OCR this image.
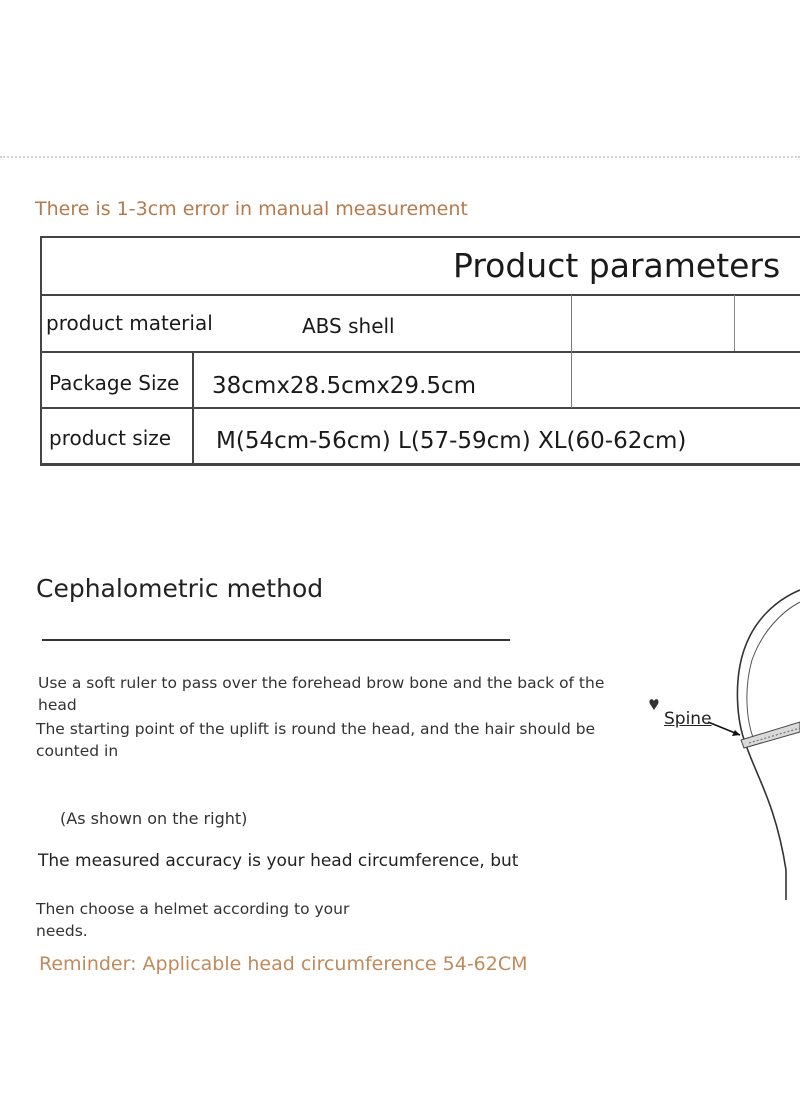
There is 1-3cm error in manual measurement
Product parameters
product material	ABS shell
Package Size 38cmx28.5cmx29.5cm
product size M(54cm-56cm) L(57-59cm) XL(60-62cm)
Cephalometric method
Use a soft ruler to pass over the forehead brow bone and the back of the head
The starting point of the uplift is round the head, and the hair should be counted in
(As shown on the right)
The measured accuracy is your head circumference, but
Then choose a helmet according to your needs.
Reminder: Applicable head circumference 54-62CM
Spine
